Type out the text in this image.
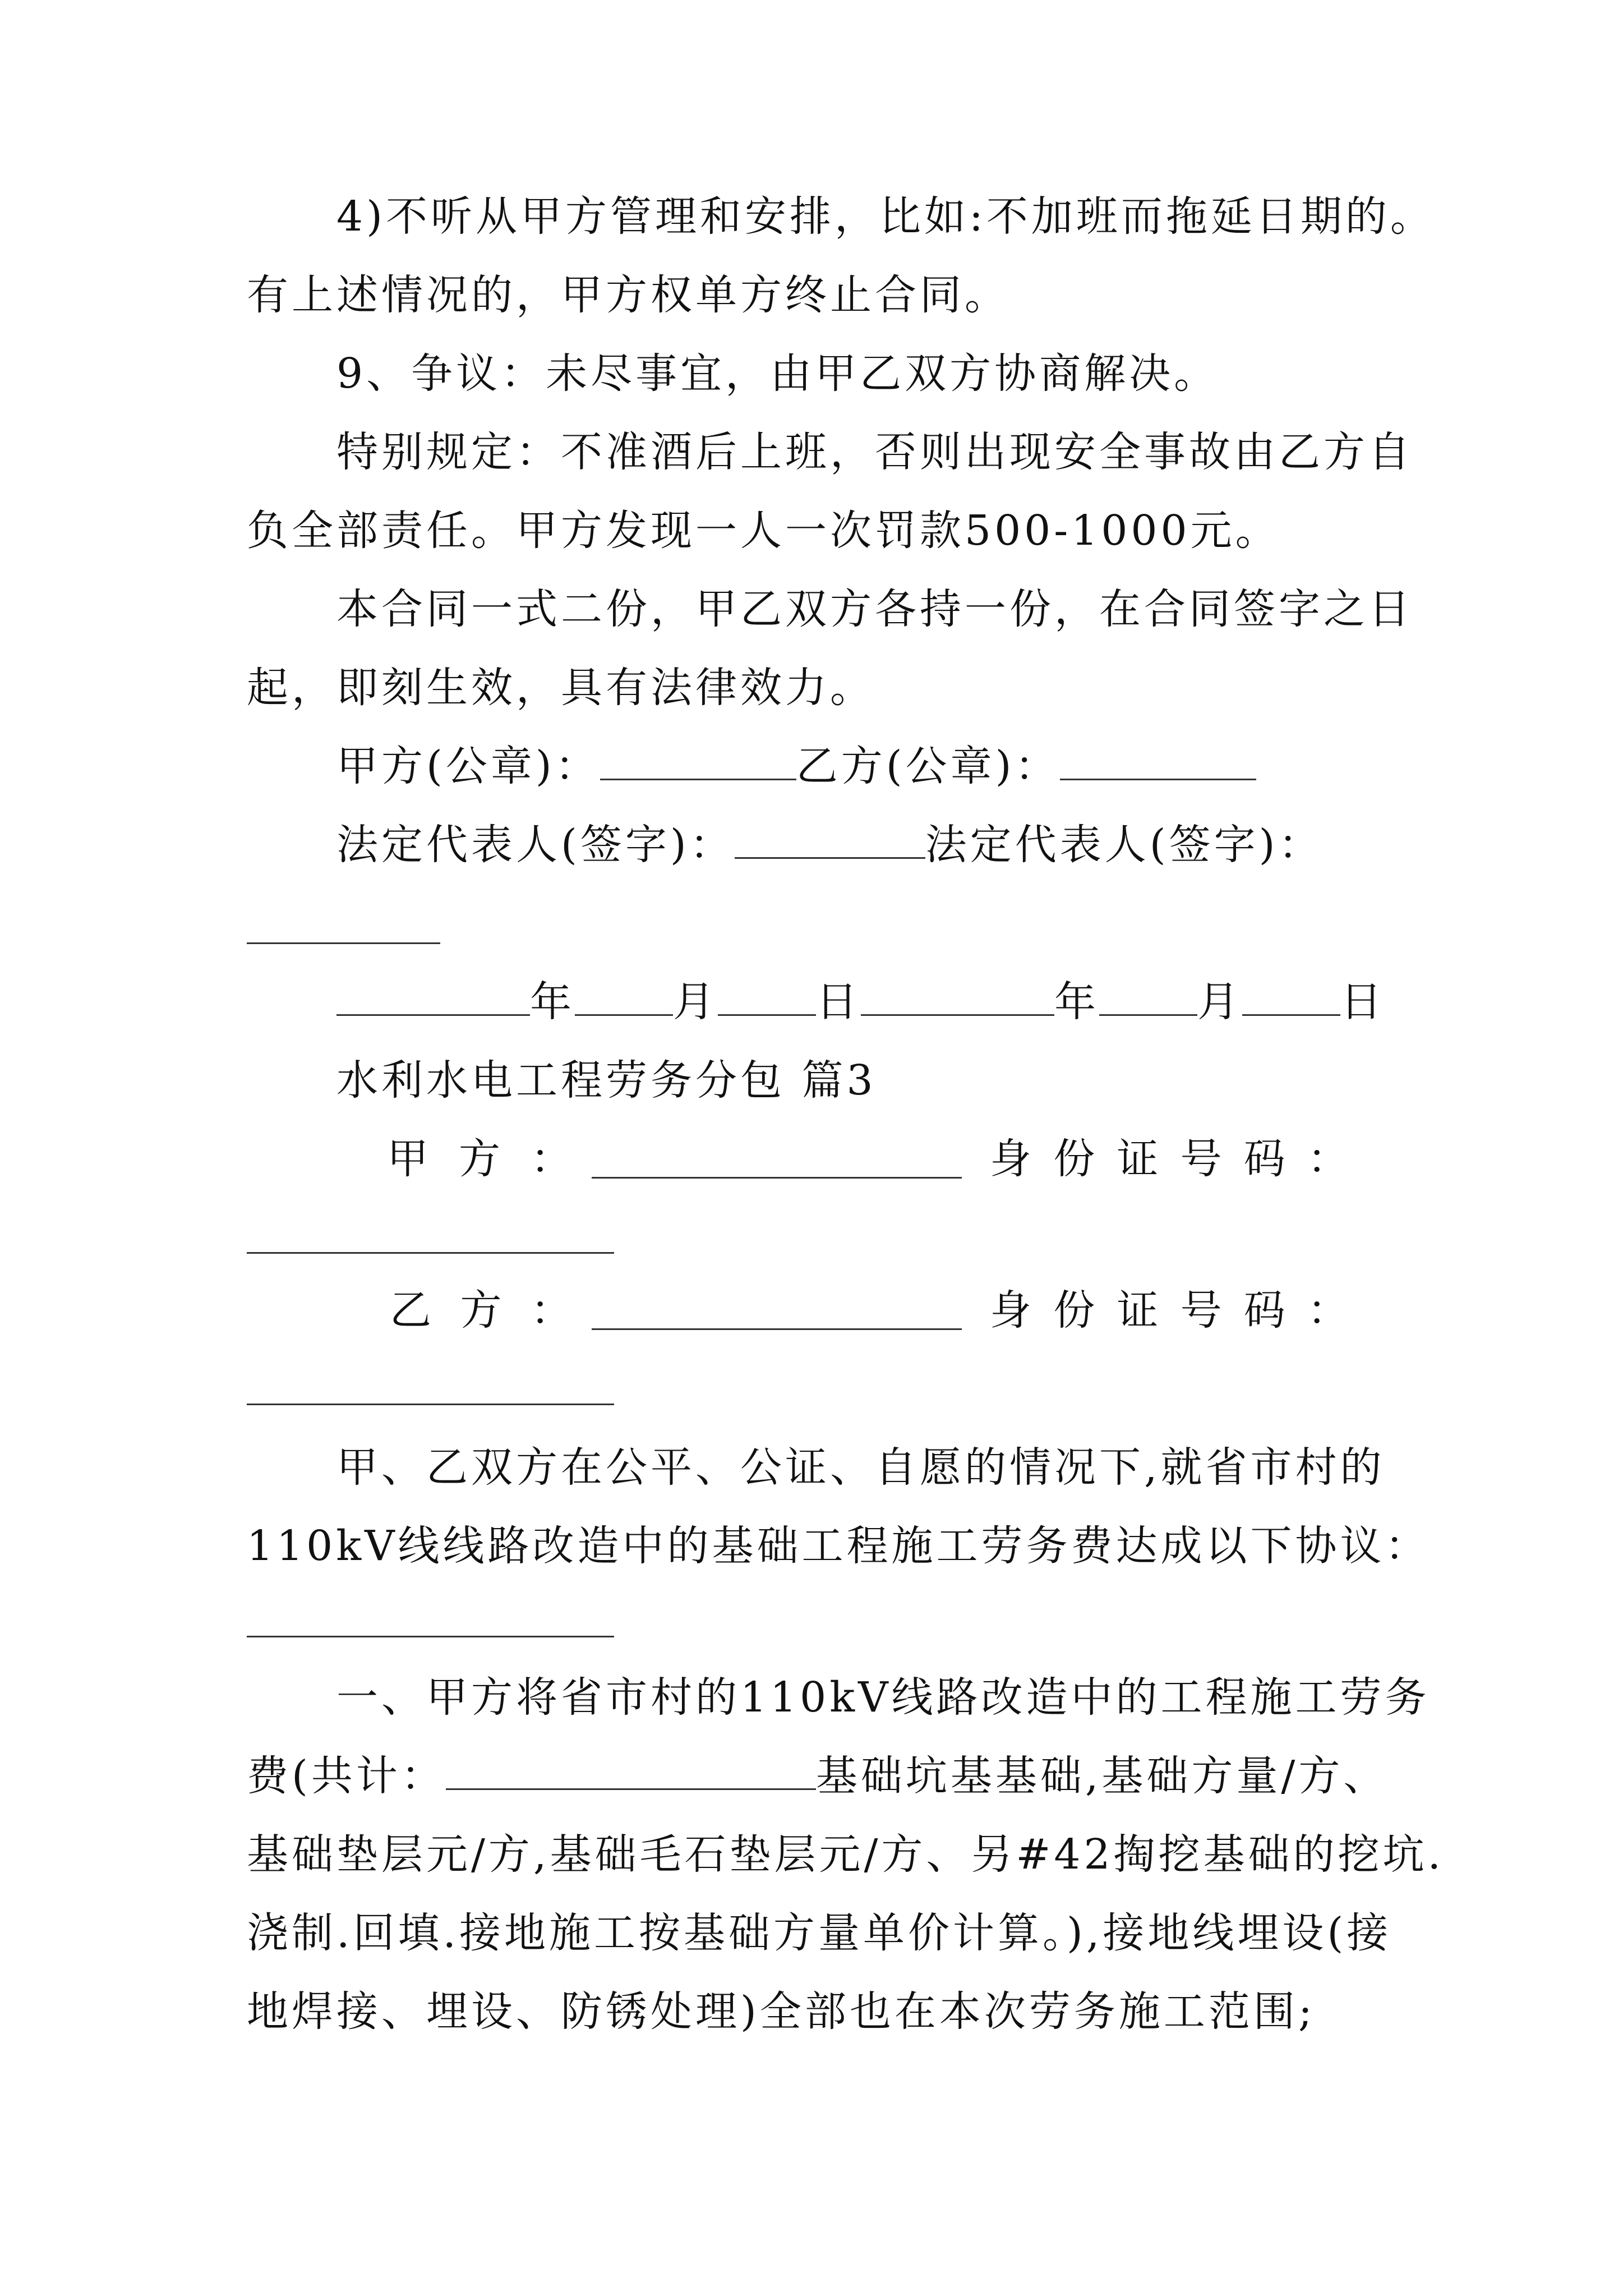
4)不听从甲方管理和安排，比如:不加班而拖延日期的。
有上述情况的，甲方权单方终止合同。
9、争议：未尽事宜，由甲乙双方协商解决。
特别规定：不准酒后上班，否则出现安全事故由乙方自
负全部责任。甲方发现一人一次罚款500-1000元。
本合同一式二份，甲乙双方各持一份，在合同签字之日
起，即刻生效，具有法律效力。
甲方(公章)：	乙方(公章)：
法定代表人(签字)：	法定代表人(签字)：
年 月 日	年 月 日
水利水电工程劳务分包 篇3
甲 方 ：	身 份 证 号 码 ：
乙 方 ：	身 份 证 号 码 ：
甲、乙双方在公平、公证、自愿的情况下,就省市村的
110kV线线路改造中的基础工程施工劳务费达成以下协议：
一、甲方将省市村的110kV线路改造中的工程施工劳务
费(共计：	基础坑基基础,基础方量/方、
基础垫层元/方,基础毛石垫层元/方、另#42掏挖基础的挖坑.
浇制.回填.接地施工按基础方量单价计算。),接地线埋设(接
地焊接、埋设、防锈处理)全部也在本次劳务施工范围;
